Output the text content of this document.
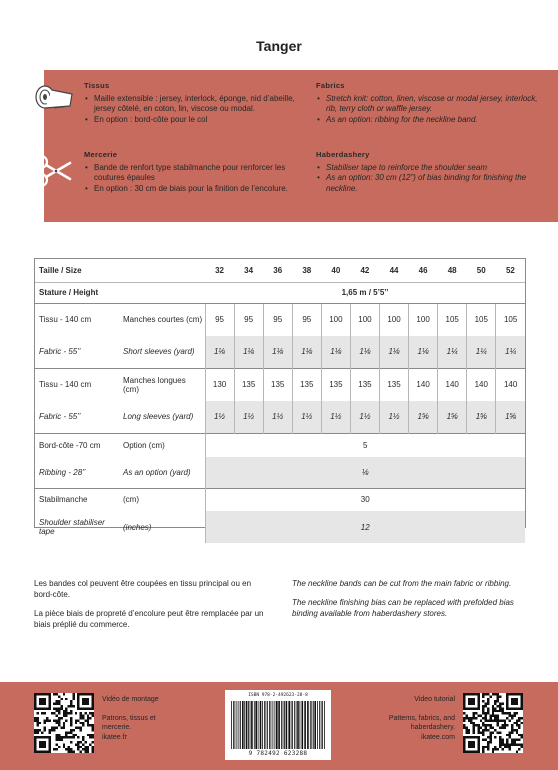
Tanger
Tissus
• Maille extensible : jersey, interlock, éponge, nid d’abeille, jersey côtelé, en coton, lin, viscose ou modal.
• En option : bord-côte pour le col
Fabrics
• Stretch knit: cotton, linen, viscose or modal jersey, interlock, rib, terry cloth or waffle jersey.
• As an option: ribbing for the neckline band.
Mercerie
• Bande de renfort type stabilmanche pour renforcer les coutures épaules
• En option : 30 cm de biais pour la finition de l’encolure.
Haberdashery
• Stabiliser tape to reinforce the shoulder seam
• As an option: 30 cm (12”) of bias binding for finishing the neckline.
Taille / Size		32	34	36	38	40	42	44	46	48	50	52
Stature / Height		1,65 m / 5’5’’										
Tissu - 140 cm	Manches courtes (cm)	95	95	95	95	100	100	100	100	105	105	105
Fabric - 55’’	Short sleeves (yard)	1⅛	1⅛	1⅛	1⅛	1⅛	1⅛	1⅛	1⅛	1¼	1¼	1¼
Tissu - 140 cm	Manches longues (cm)	130	135	135	135	135	135	135	140	140	140	140
Fabric - 55’’	Long sleeves (yard)	1½	1½	1½	1½	1½	1½	1½	1⅝	1⅝	1⅝	1⅝
Bord-côte -70 cm	Option (cm)	5										
Ribbing - 28’’	As an option (yard)	⅛										
Stabilmanche	(cm)	30										
Shoulder stabiliser tape	(inches)	12										

Les bandes col peuvent être coupées en tissu principal ou en bord-côte.

La pièce biais de propreté d’encolure peut être remplacée par un biais préplié du commerce.

The neckline bands can be cut from the main fabric or ribbing.

The neckline finishing bias can be replaced with prefolded bias binding available from haberdashery stores.

Vidéo de montage
Patrons, tissus et mercerie.
ikatee.fr
ISBN 978-2-492623-28-8
9 782492 623288
Video tutorial
Patterns, fabrics, and haberdashery.
ikatee.com
